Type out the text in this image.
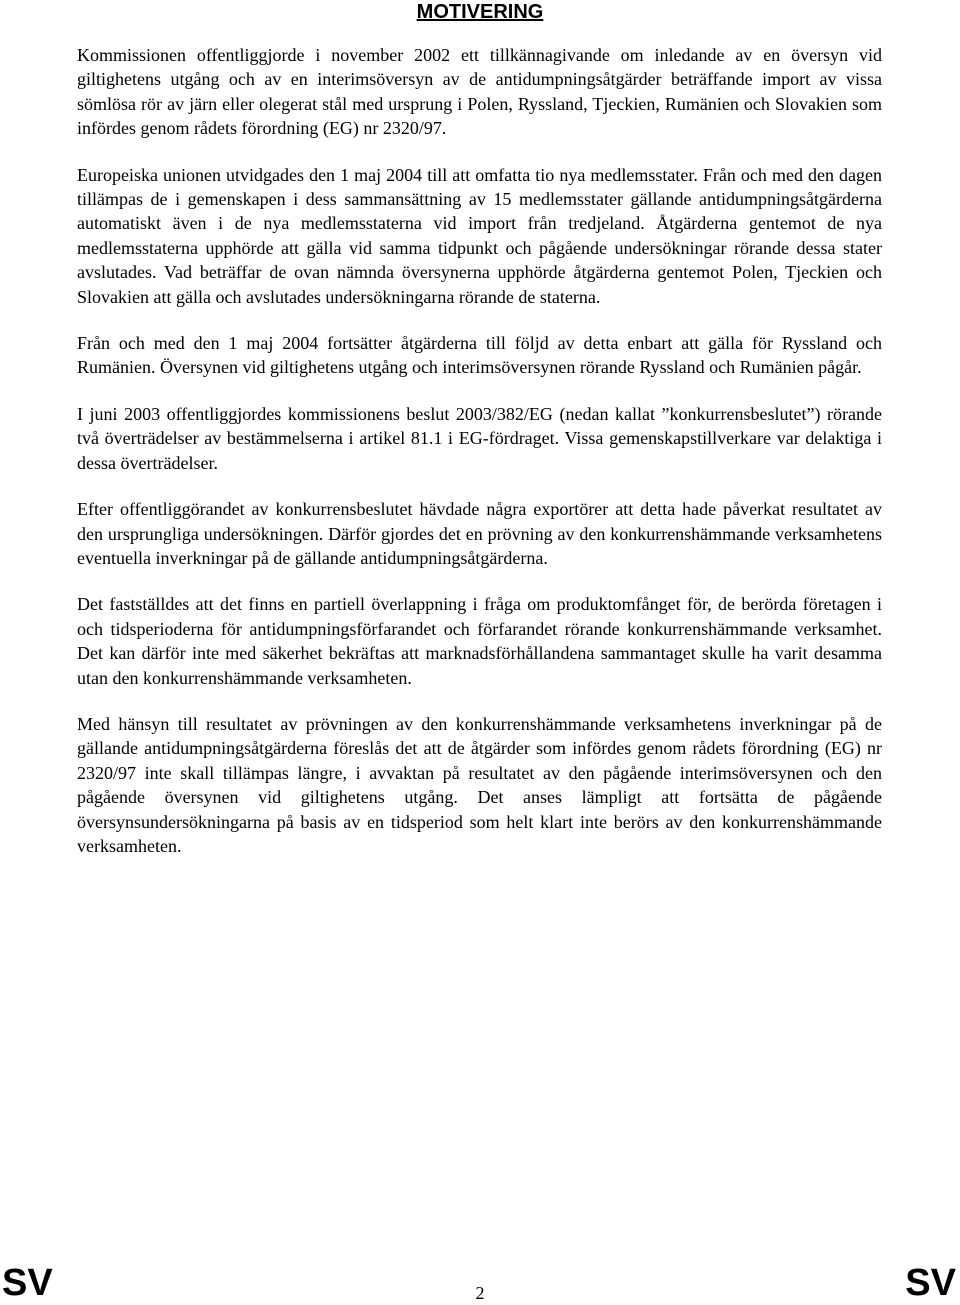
MOTIVERING

Kommissionen offentliggjorde i november 2002 ett tillkännagivande om inledande av en översyn vid giltighetens utgång och av en interimsöversyn av de antidumpningsåtgärder beträffande import av vissa sömlösa rör av järn eller olegerat stål med ursprung i Polen, Ryssland, Tjeckien, Rumänien och Slovakien som infördes genom rådets förordning (EG) nr 2320/97.

Europeiska unionen utvidgades den 1 maj 2004 till att omfatta tio nya medlemsstater. Från och med den dagen tillämpas de i gemenskapen i dess sammansättning av 15 medlemsstater gällande antidumpningsåtgärderna automatiskt även i de nya medlemsstaterna vid import från tredjeland. Åtgärderna gentemot de nya medlemsstaterna upphörde att gälla vid samma tidpunkt och pågående undersökningar rörande dessa stater avslutades. Vad beträffar de ovan nämnda översynerna upphörde åtgärderna gentemot Polen, Tjeckien och Slovakien att gälla och avslutades undersökningarna rörande de staterna.

Från och med den 1 maj 2004 fortsätter åtgärderna till följd av detta enbart att gälla för Ryssland och Rumänien. Översynen vid giltighetens utgång och interimsöversynen rörande Ryssland och Rumänien pågår.

I juni 2003 offentliggjordes kommissionens beslut 2003/382/EG (nedan kallat ”konkurrensbeslutet”) rörande två överträdelser av bestämmelserna i artikel 81.1 i EG-fördraget. Vissa gemenskapstillverkare var delaktiga i dessa överträdelser.

Efter offentliggörandet av konkurrensbeslutet hävdade några exportörer att detta hade påverkat resultatet av den ursprungliga undersökningen. Därför gjordes det en prövning av den konkurrenshämmande verksamhetens eventuella inverkningar på de gällande antidumpningsåtgärderna.

Det fastställdes att det finns en partiell överlappning i fråga om produktomfånget för, de berörda företagen i och tidsperioderna för antidumpningsförfarandet och förfarandet rörande konkurrenshämmande verksamhet. Det kan därför inte med säkerhet bekräftas att marknadsförhållandena sammantaget skulle ha varit desamma utan den konkurrenshämmande verksamheten.

Med hänsyn till resultatet av prövningen av den konkurrenshämmande verksamhetens inverkningar på de gällande antidumpningsåtgärderna föreslås det att de åtgärder som infördes genom rådets förordning (EG) nr 2320/97 inte skall tillämpas längre, i avvaktan på resultatet av den pågående interimsöversynen och den pågående översynen vid giltighetens utgång. Det anses lämpligt att fortsätta de pågående översynsundersökningarna på basis av en tidsperiod som helt klart inte berörs av den konkurrenshämmande verksamheten.

SV	2	SV
